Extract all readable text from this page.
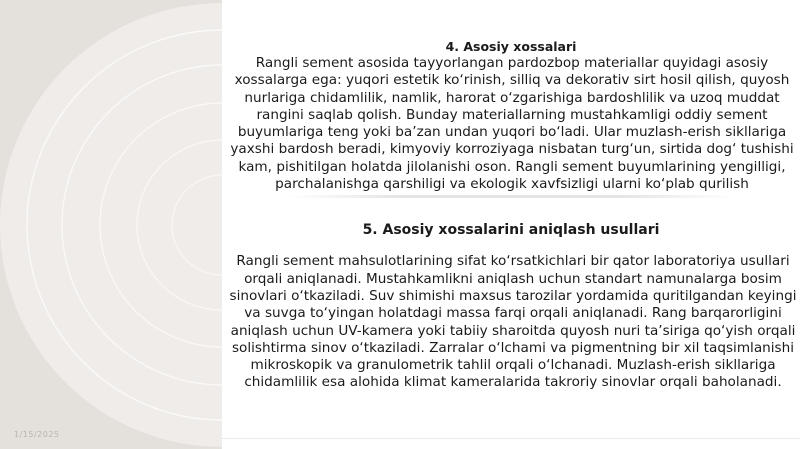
1/15/2025
4. Asosiy xossalari
Rangli sement asosida tayyorlangan pardozbop materiallar quyidagi asosiy xossalarga ega: yuqori estetik ko‘rinish, silliq va dekorativ sirt hosil qilish, quyosh nurlariga chidamlilik, namlik, harorat o‘zgarishiga bardoshlilik va uzoq muddat rangini saqlab qolish. Bunday materiallarning mustahkamligi oddiy sement buyumlariga teng yoki ba’zan undan yuqori bo‘ladi. Ular muzlash-erish sikllariga yaxshi bardosh beradi, kimyoviy korroziyaga nisbatan turg‘un, sirtida dog‘ tushishi kam, pishitilgan holatda jilolanishi oson. Rangli sement buyumlarining yengilligi, parchalanishga qarshiligi va ekologik xavfsizligi ularni ko‘plab qurilish
5. Asosiy xossalarini aniqlash usullari
Rangli sement mahsulotlarining sifat ko‘rsatkichlari bir qator laboratoriya usullari orqali aniqlanadi. Mustahkamlikni aniqlash uchun standart namunalarga bosim sinovlari o‘tkaziladi. Suv shimishi maxsus tarozilar yordamida quritilgandan keyingi va suvga to‘yingan holatdagi massa farqi orqali aniqlanadi. Rang barqarorligini aniqlash uchun UV-kamera yoki tabiiy sharoitda quyosh nuri ta’siriga qo‘yish orqali solishtirma sinov o‘tkaziladi. Zarralar o‘lchami va pigmentning bir xil taqsimlanishi mikroskopik va granulometrik tahlil orqali o‘lchanadi. Muzlash-erish sikllariga chidamlilik esa alohida klimat kameralarida takroriy sinovlar orqali baholanadi.
